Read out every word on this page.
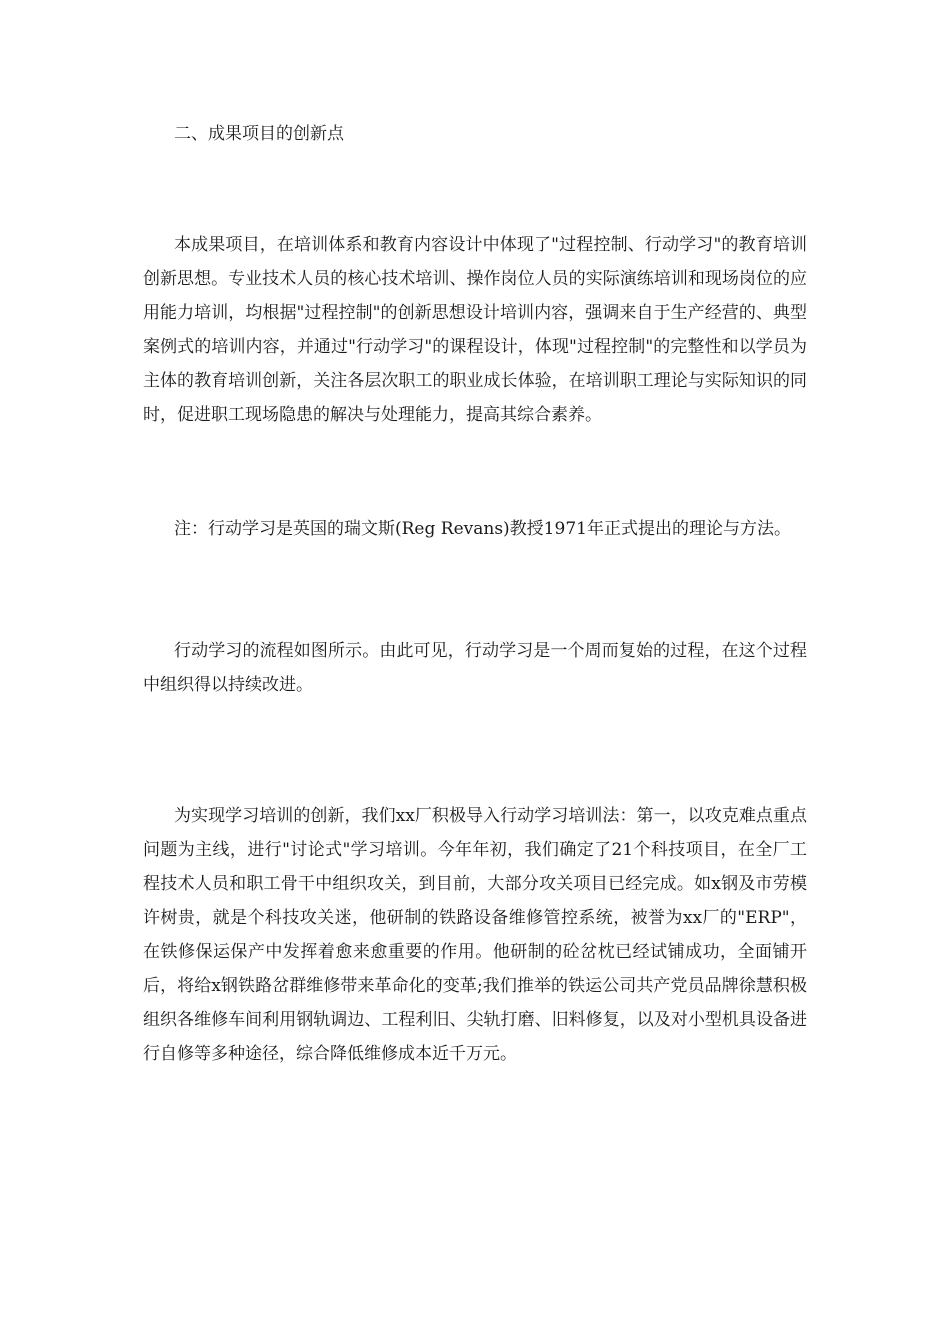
二、成果项目的创新点

本成果项目，在培训体系和教育内容设计中体现了"过程控制、行动学习"的教育培训创新思想。专业技术人员的核心技术培训、操作岗位人员的实际演练培训和现场岗位的应用能力培训，均根据"过程控制"的创新思想设计培训内容，强调来自于生产经营的、典型案例式的培训内容，并通过"行动学习"的课程设计，体现"过程控制"的完整性和以学员为主体的教育培训创新，关注各层次职工的职业成长体验，在培训职工理论与实际知识的同时，促进职工现场隐患的解决与处理能力，提高其综合素养。

注：行动学习是英国的瑞文斯(Reg Revans)教授1971年正式提出的理论与方法。

行动学习的流程如图所示。由此可见，行动学习是一个周而复始的过程，在这个过程中组织得以持续改进。

为实现学习培训的创新，我们xx厂积极导入行动学习培训法：第一，以攻克难点重点问题为主线，进行"讨论式"学习培训。今年年初，我们确定了21个科技项目，在全厂工程技术人员和职工骨干中组织攻关，到目前，大部分攻关项目已经完成。如x钢及市劳模许树贵，就是个科技攻关迷，他研制的铁路设备维修管控系统，被誉为xx厂的"ERP"，在铁修保运保产中发挥着愈来愈重要的作用。他研制的砼岔枕已经试铺成功，全面铺开后，将给x钢铁路岔群维修带来革命化的变革;我们推举的铁运公司共产党员品牌徐慧积极组织各维修车间利用钢轨调边、工程利旧、尖轨打磨、旧料修复，以及对小型机具设备进行自修等多种途径，综合降低维修成本近千万元。
